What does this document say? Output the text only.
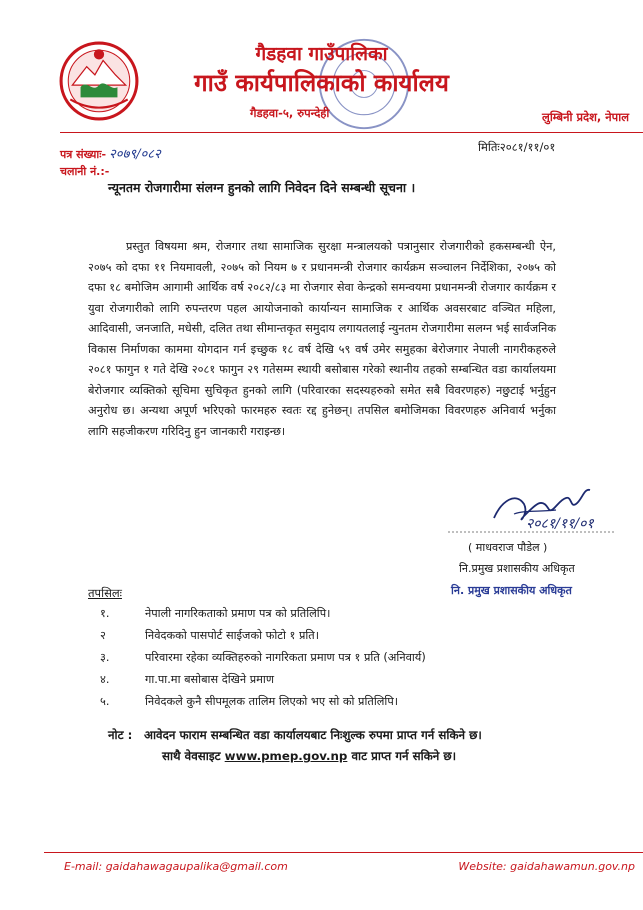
गैडहवा गाउँपालिका
गाउँ कार्यपालिकाको कार्यालय
गैडहवा-५, रुपन्देही	लुम्बिनी प्रदेश, नेपाल
पत्र संख्याः- २०७९/०८२
चलानी नं.:-
मितिः२०८१/११/०१
न्यूनतम रोजगारीमा संलग्न हुनको लागि निवेदन दिने सम्बन्धी सूचना ।
प्रस्तुत विषयमा श्रम, रोजगार तथा सामाजिक सुरक्षा मन्त्रालयको पत्रानुसार रोजगारीको हकसम्बन्धी ऐन, २०७५ को दफा ११ नियमावली, २०७५ को नियम ७ र प्रधानमन्त्री रोजगार कार्यक्रम सञ्चालन निर्देशिका, २०७५ को दफा १८ बमोजिम आगामी आर्थिक वर्ष २०८२/८३ मा रोजगार सेवा केन्द्रको समन्वयमा प्रधानमन्त्री रोजगार कार्यक्रम र युवा रोजगारीको लागि रुपन्तरण पहल आयोजनाको कार्यान्यन सामाजिक र आर्थिक अवसरबाट वञ्चित महिला, आदिवासी, जनजाति, मधेसी, दलित तथा सीमान्तकृत समुदाय लगायतलाई न्युनतम रोजगारीमा सलग्न भई सार्वजनिक विकास निर्माणका काममा योगदान गर्न इच्छुक १८ वर्ष देखि ५९ वर्ष उमेर समुहका बेरोजगार नेपाली नागरीकहरुले २०८१ फागुन १ गते देखि २०८१ फागुन २९ गतेसम्म स्थायी बसोबास गरेको स्थानीय तहको सम्बन्धित वडा कार्यालयमा बेरोजगार व्यक्तिको सूचिमा सुचिकृत हुनको लागि (परिवारका सदस्यहरुको समेत सबै विवरणहरु) नछुटाई भर्नुहुन अनुरोध छ। अन्यथा अपूर्ण भरिएको फारमहरु स्वतः रद्द हुनेछन्। तपसिल बमोजिमका विवरणहरु अनिवार्य भर्नुका लागि सहजीकरण गरिदिनु हुन जानकारी गराइन्छ।
२०८१/११/०१
( माधवराज पौडेल )
नि.प्रमुख प्रशासकीय अधिकृत
नि. प्रमुख प्रशासकीय अधिकृत
तपसिलः
१.	नेपाली नागरिकताको प्रमाण पत्र को प्रतिलिपि।
२	निवेदकको पासपोर्ट साईजको फोटो १ प्रति।
३.	परिवारमा रहेका व्यक्तिहरुको नागरिकता प्रमाण पत्र १ प्रति (अनिवार्य)
४.	गा.पा.मा बसोबास देखिने प्रमाण
५.	निवेदकले कुनै सीपमूलक तालिम लिएको भए सो को प्रतिलिपि।
नोट : आवेदन फाराम सम्बन्धित वडा कार्यालयबाट निःशुल्क रुपमा प्राप्त गर्न सकिने छ।
साथै वेवसाइट www.pmep.gov.np वाट प्राप्त गर्न सकिने छ।
E-mail: gaidahawagaupalika@gmail.com	Website: gaidahawamun.gov.np
